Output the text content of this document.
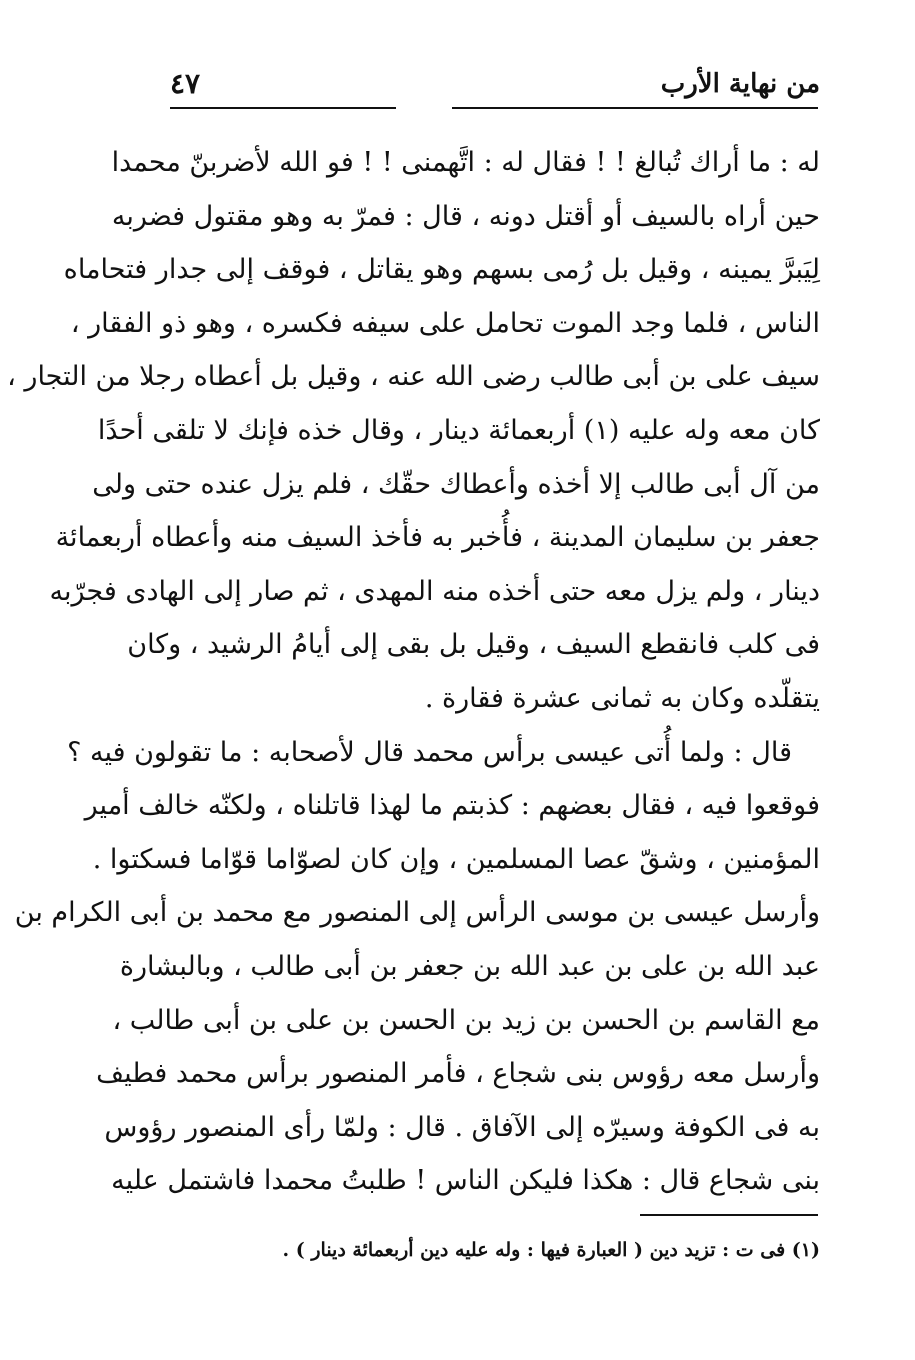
من نهاية الأرب
٤٧
له : ما أراك تُبالغ ! ! فقال له : اتَّهمنى ! ! فو الله لأضربنّ محمدا
حين أراه بالسيف أو أقتل دونه ، قال : فمرّ به وهو مقتول فضربه
لِيَبرَّ يمينه ، وقيل بل رُمى بسهم وهو يقاتل ، فوقف إلى جدار فتحاماه
الناس ، فلما وجد الموت تحامل على سيفه فكسره ، وهو ذو الفقار ،
سيف على بن أبى طالب رضى الله عنه ، وقيل بل أعطاه رجلا من التجار ،
كان معه وله عليه (١) أربعمائة دينار ، وقال خذه فإنك لا تلقى أحدًا
من آل أبى طالب إلا أخذه وأعطاك حقّك ، فلم يزل عنده حتى ولى
جعفر بن سليمان المدينة ، فأُخبر به فأخذ السيف منه وأعطاه أربعمائة
دينار ، ولم يزل معه حتى أخذه منه المهدى ، ثم صار إلى الهادى فجرّبه
فى كلب فانقطع السيف ، وقيل بل بقى إلى أيامُ الرشيد ، وكان
يتقلّده وكان به ثمانى عشرة فقارة .
قال : ولما أُتى عيسى برأس محمد قال لأصحابه : ما تقولون فيه ؟
فوقعوا فيه ، فقال بعضهم : كذبتم ما لهذا قاتلناه ، ولكنّه خالف أمير
المؤمنين ، وشقّ عصا المسلمين ، وإن كان لصوّاما قوّاما فسكتوا .
وأرسل عيسى بن موسى الرأس إلى المنصور مع محمد بن أبى الكرام بن
عبد الله بن على بن عبد الله بن جعفر بن أبى طالب ، وبالبشارة
مع القاسم بن الحسن بن زيد بن الحسن بن على بن أبى طالب ،
وأرسل معه رؤوس بنى شجاع ، فأمر المنصور برأس محمد فطيف
به فى الكوفة وسيرّه إلى الآفاق . قال : ولمّا رأى المنصور رؤوس
بنى شجاع قال : هكذا فليكن الناس ! طلبتُ محمدا فاشتمل عليه
(١) فى ت : تزيد دين ( العبارة فيها : وله عليه دين أربعمائة دينار ) .
